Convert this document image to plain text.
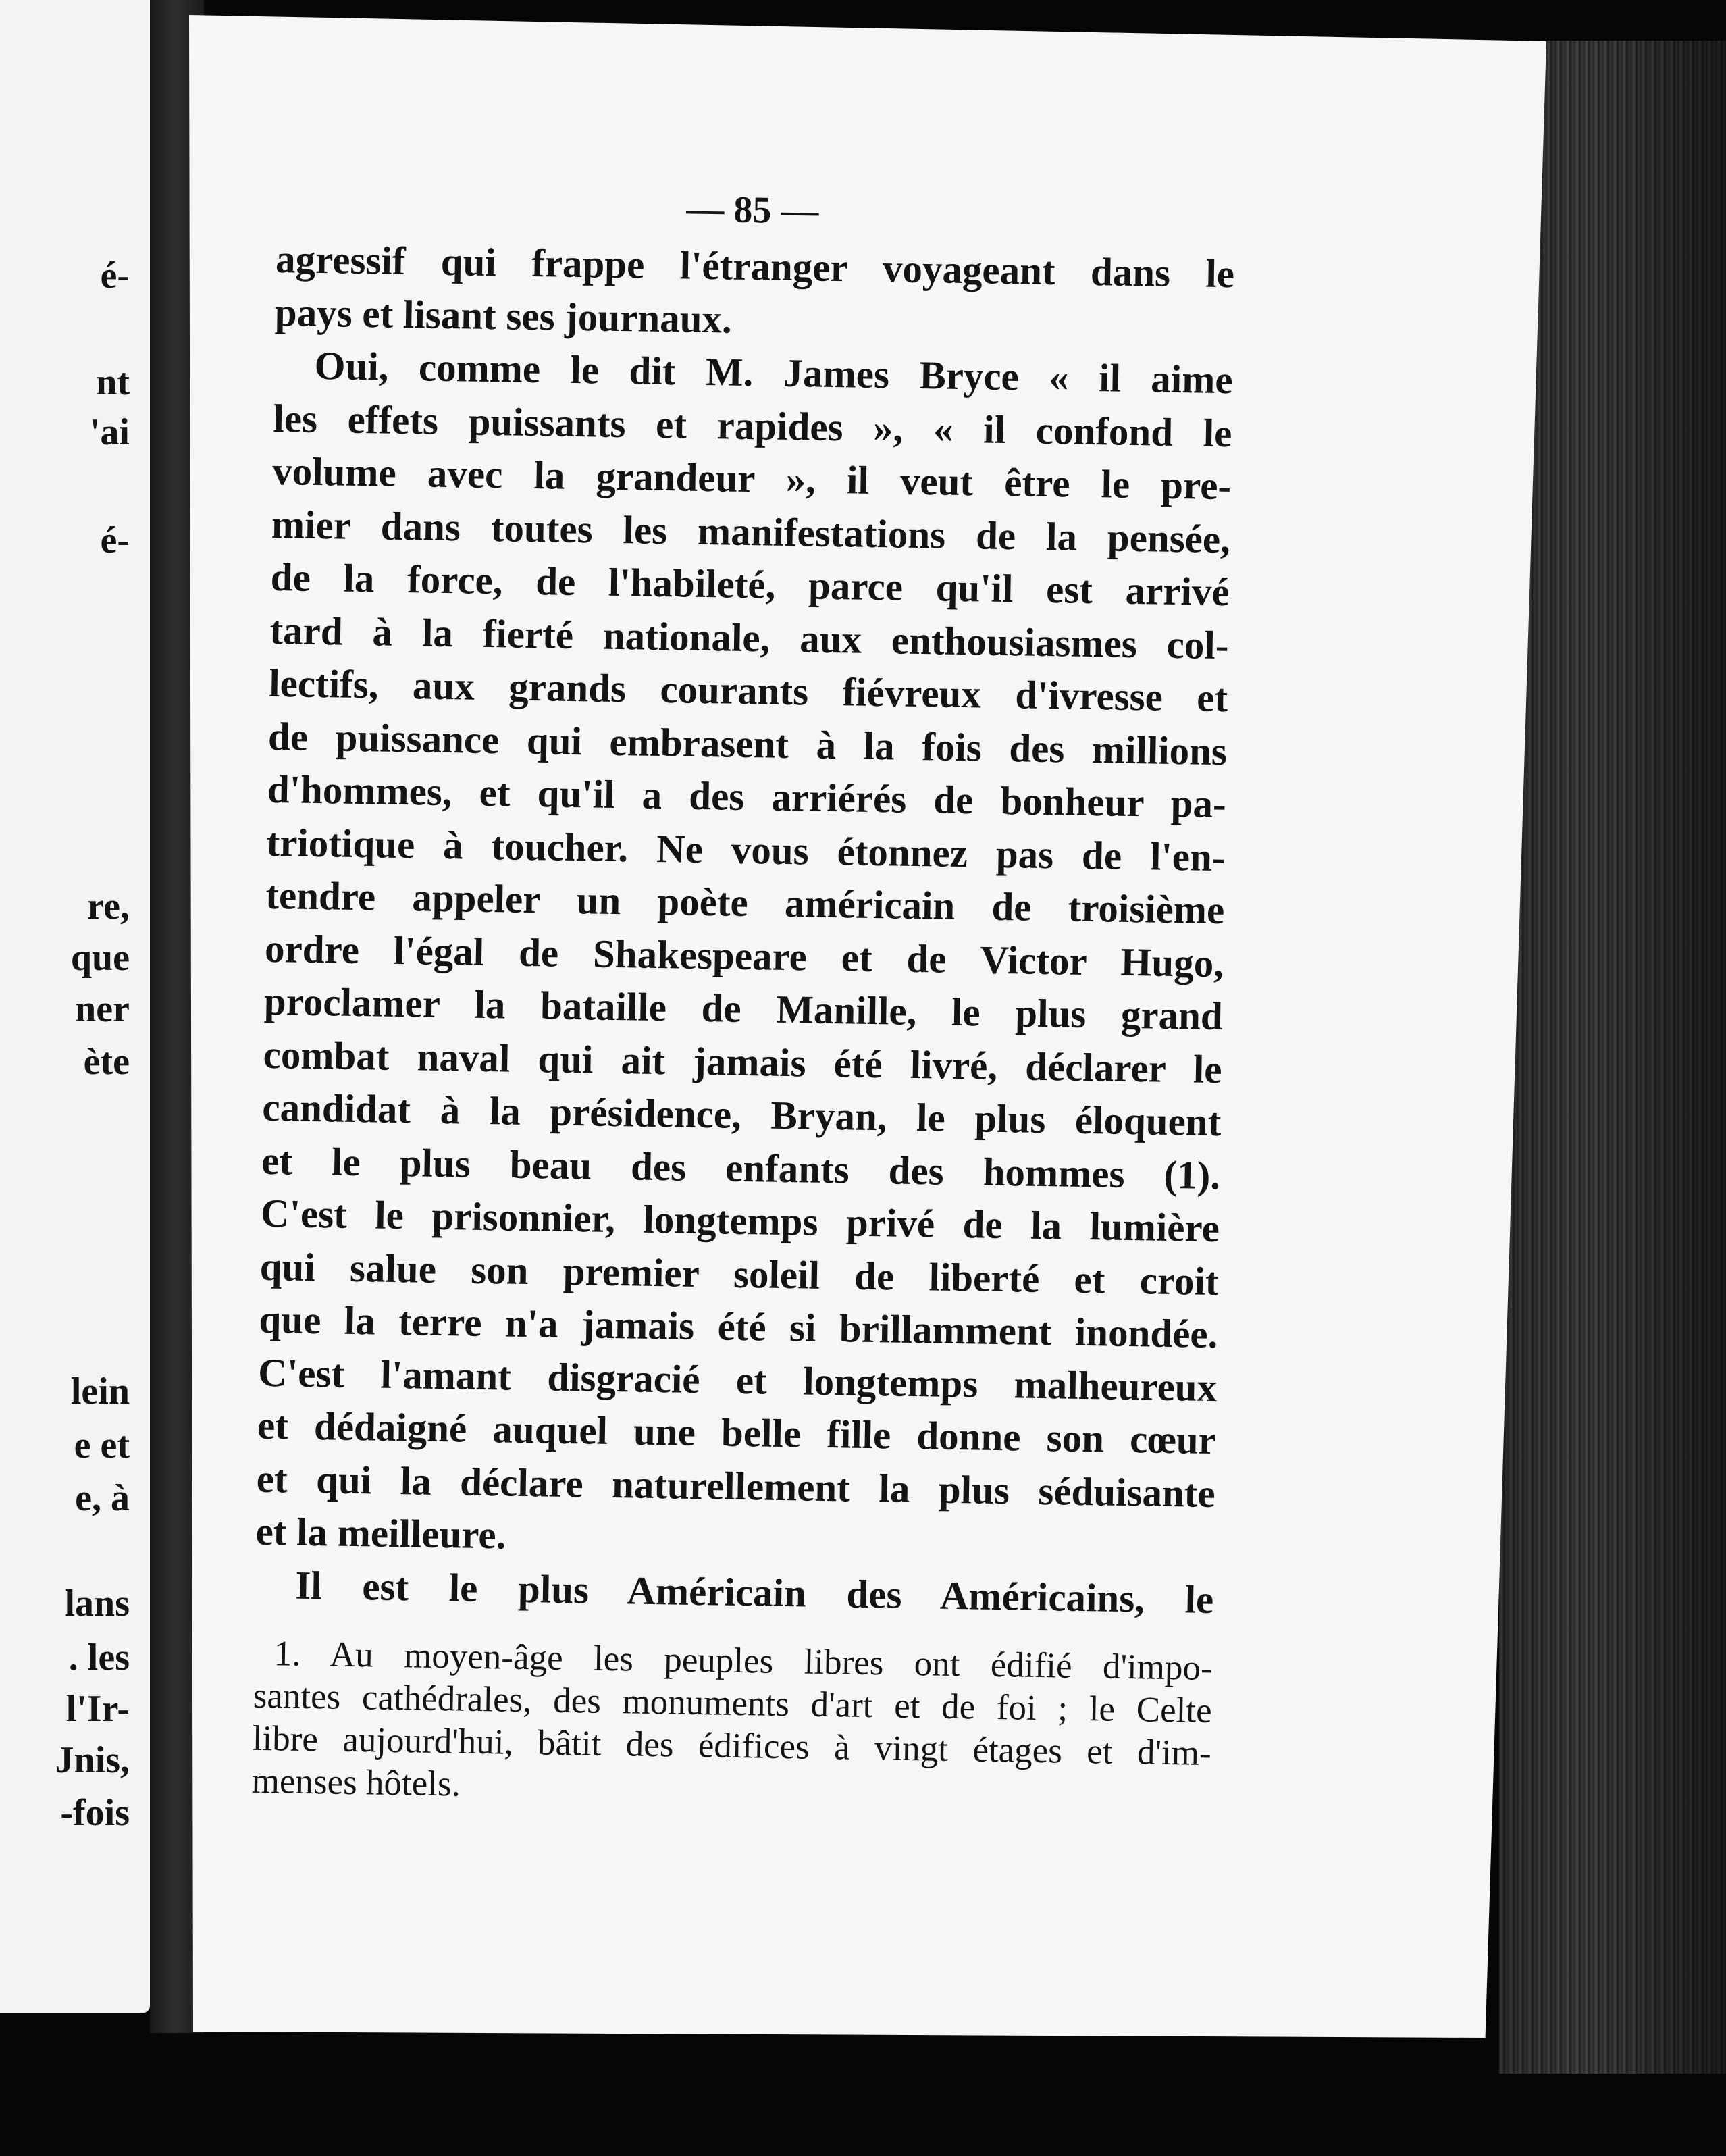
é-
nt
'ai
é-
re,
que
ner
ète
lein
e et
e, à
lans
. les
l'Ir-
Jnis,
-fois
— 85 —
agressif qui frappe l'étranger voyageant dans le
pays et lisant ses journaux.
Oui, comme le dit M. James Bryce « il aime
les effets puissants et rapides », « il confond le
volume avec la grandeur », il veut être le pre-
mier dans toutes les manifestations de la pensée,
de la force, de l'habileté, parce qu'il est arrivé
tard à la fierté nationale, aux enthousiasmes col-
lectifs, aux grands courants fiévreux d'ivresse et
de puissance qui embrasent à la fois des millions
d'hommes, et qu'il a des arriérés de bonheur pa-
triotique à toucher. Ne vous étonnez pas de l'en-
tendre appeler un poète américain de troisième
ordre l'égal de Shakespeare et de Victor Hugo,
proclamer la bataille de Manille, le plus grand
combat naval qui ait jamais été livré, déclarer le
candidat à la présidence, Bryan, le plus éloquent
et le plus beau des enfants des hommes (1).
C'est le prisonnier, longtemps privé de la lumière
qui salue son premier soleil de liberté et croit
que la terre n'a jamais été si brillamment inondée.
C'est l'amant disgracié et longtemps malheureux
et dédaigné auquel une belle fille donne son cœur
et qui la déclare naturellement la plus séduisante
et la meilleure.
Il est le plus Américain des Américains, le
1. Au moyen-âge les peuples libres ont édifié d'impo-
santes cathédrales, des monuments d'art et de foi ; le Celte
libre aujourd'hui, bâtit des édifices à vingt étages et d'im-
menses hôtels.
